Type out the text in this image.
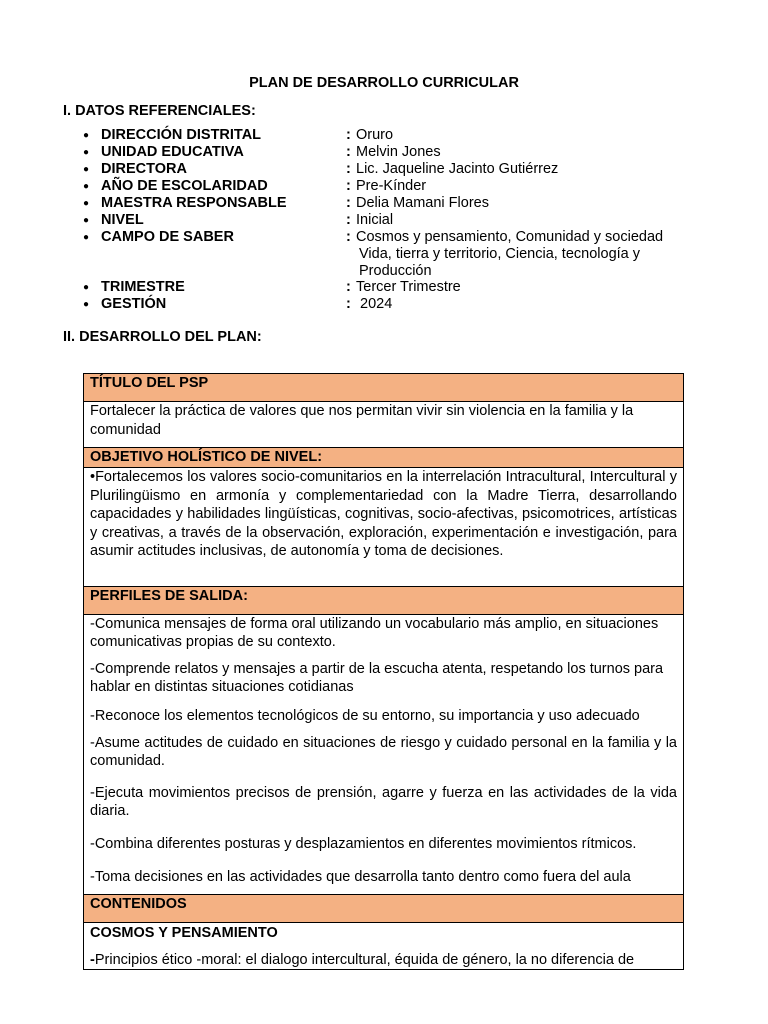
PLAN DE DESARROLLO CURRICULAR
I. DATOS REFERENCIALES:
● DIRECCIÓN DISTRITAL	: Oruro
● UNIDAD EDUCATIVA	: Melvin Jones
● DIRECTORA	: Lic. Jaqueline Jacinto Gutiérrez
● AÑO DE ESCOLARIDAD	: Pre-Kínder
● MAESTRA RESPONSABLE	: Delia Mamani Flores
● NIVEL	: Inicial
● CAMPO DE SABER	: Cosmos y pensamiento, Comunidad y sociedad
Vida, tierra y territorio, Ciencia, tecnología y
Producción
● TRIMESTRE	: Tercer Trimestre
● GESTIÓN	: 2024
II. DESARROLLO DEL PLAN:
TÍTULO DEL PSP
Fortalecer la práctica de valores que nos permitan vivir sin violencia en la familia y la comunidad
OBJETIVO HOLÍSTICO DE NIVEL:
•Fortalecemos los valores socio-comunitarios en la interrelación Intracultural, Intercultural y Plurilingüismo en armonía y complementariedad con la Madre Tierra, desarrollando capacidades y habilidades lingüísticas, cognitivas, socio-afectivas, psicomotrices, artísticas y creativas, a través de la observación, exploración, experimentación e investigación, para asumir actitudes inclusivas, de autonomía y toma de decisiones.
PERFILES DE SALIDA:
-Comunica mensajes de forma oral utilizando un vocabulario más amplio, en situaciones comunicativas propias de su contexto.
-Comprende relatos y mensajes a partir de la escucha atenta, respetando los turnos para hablar en distintas situaciones cotidianas
-Reconoce los elementos tecnológicos de su entorno, su importancia y uso adecuado
-Asume actitudes de cuidado en situaciones de riesgo y cuidado personal en la familia y la comunidad.
-Ejecuta movimientos precisos de prensión, agarre y fuerza en las actividades de la vida diaria.
-Combina diferentes posturas y desplazamientos en diferentes movimientos rítmicos.
-Toma decisiones en las actividades que desarrolla tanto dentro como fuera del aula
CONTENIDOS
COSMOS Y PENSAMIENTO
-Principios ético -moral: el dialogo intercultural, équida de género, la no diferencia de
